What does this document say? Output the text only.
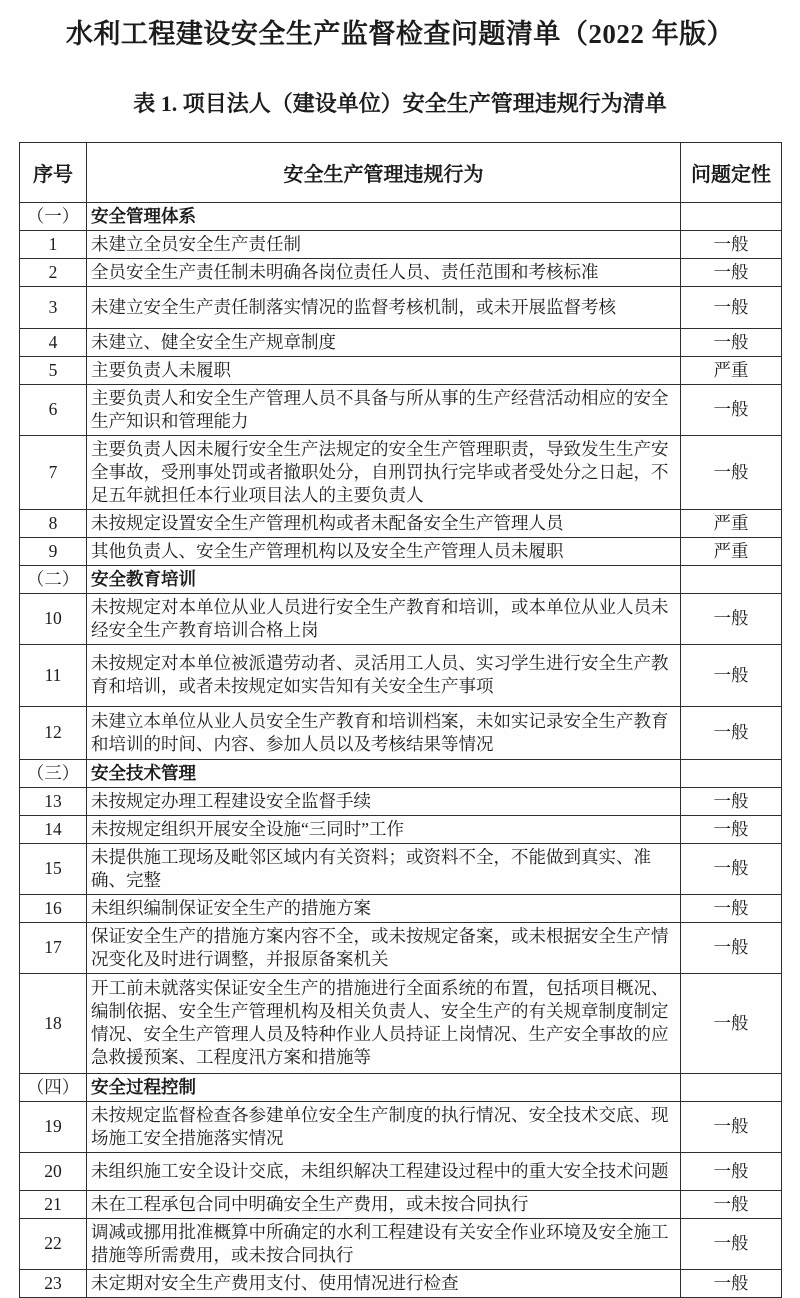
水利工程建设安全生产监督检查问题清单（2022 年版）
表 1. 项目法人（建设单位）安全生产管理违规行为清单
序号	安全生产管理违规行为	问题定性
（一）	安全管理体系	
1	未建立全员安全生产责任制	一般
2	全员安全生产责任制未明确各岗位责任人员、责任范围和考核标准	一般
3	未建立安全生产责任制落实情况的监督考核机制，或未开展监督考核	一般
4	未建立、健全安全生产规章制度	一般
5	主要负责人未履职	严重
6	主要负责人和安全生产管理人员不具备与所从事的生产经营活动相应的安全生产知识和管理能力	一般
7	主要负责人因未履行安全生产法规定的安全生产管理职责，导致发生生产安全事故，受刑事处罚或者撤职处分，自刑罚执行完毕或者受处分之日起，不足五年就担任本行业项目法人的主要负责人	一般
8	未按规定设置安全生产管理机构或者未配备安全生产管理人员	严重
9	其他负责人、安全生产管理机构以及安全生产管理人员未履职	严重
（二）	安全教育培训	
10	未按规定对本单位从业人员进行安全生产教育和培训，或本单位从业人员未经安全生产教育培训合格上岗	一般
11	未按规定对本单位被派遣劳动者、灵活用工人员、实习学生进行安全生产教育和培训，或者未按规定如实告知有关安全生产事项	一般
12	未建立本单位从业人员安全生产教育和培训档案，未如实记录安全生产教育和培训的时间、内容、参加人员以及考核结果等情况	一般
（三）	安全技术管理	
13	未按规定办理工程建设安全监督手续	一般
14	未按规定组织开展安全设施“三同时”工作	一般
15	未提供施工现场及毗邻区域内有关资料；或资料不全，不能做到真实、准确、完整	一般
16	未组织编制保证安全生产的措施方案	一般
17	保证安全生产的措施方案内容不全，或未按规定备案，或未根据安全生产情况变化及时进行调整，并报原备案机关	一般
18	开工前未就落实保证安全生产的措施进行全面系统的布置，包括项目概况、编制依据、安全生产管理机构及相关负责人、安全生产的有关规章制度制定情况、安全生产管理人员及特种作业人员持证上岗情况、生产安全事故的应急救援预案、工程度汛方案和措施等	一般
（四）	安全过程控制	
19	未按规定监督检查各参建单位安全生产制度的执行情况、安全技术交底、现场施工安全措施落实情况	一般
20	未组织施工安全设计交底，未组织解决工程建设过程中的重大安全技术问题	一般
21	未在工程承包合同中明确安全生产费用，或未按合同执行	一般
22	调减或挪用批准概算中所确定的水利工程建设有关安全作业环境及安全施工措施等所需费用，或未按合同执行	一般
23	未定期对安全生产费用支付、使用情况进行检查	一般
